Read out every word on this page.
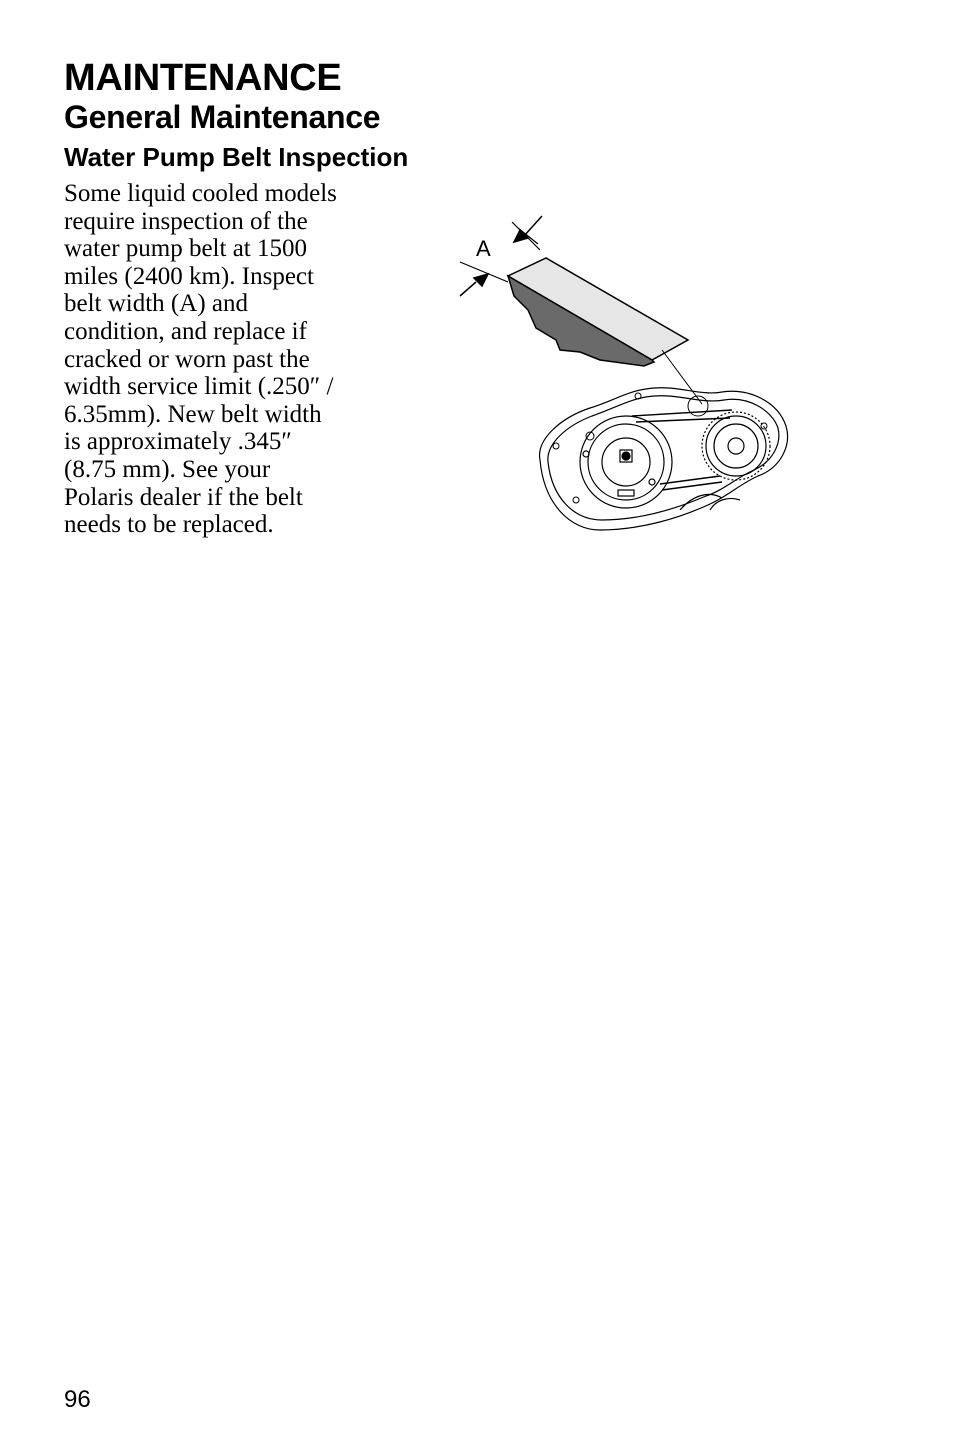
MAINTENANCE
General Maintenance
Water Pump Belt Inspection
Some liquid cooled models
require inspection of the
water pump belt at 1500
miles (2400 km). Inspect
belt width (A) and
condition, and replace if
cracked or worn past the
width service limit (.250″ /
6.35mm). New belt width
is approximately .345″
(8.75 mm). See your
Polaris dealer if the belt
needs to be replaced.
A
96
